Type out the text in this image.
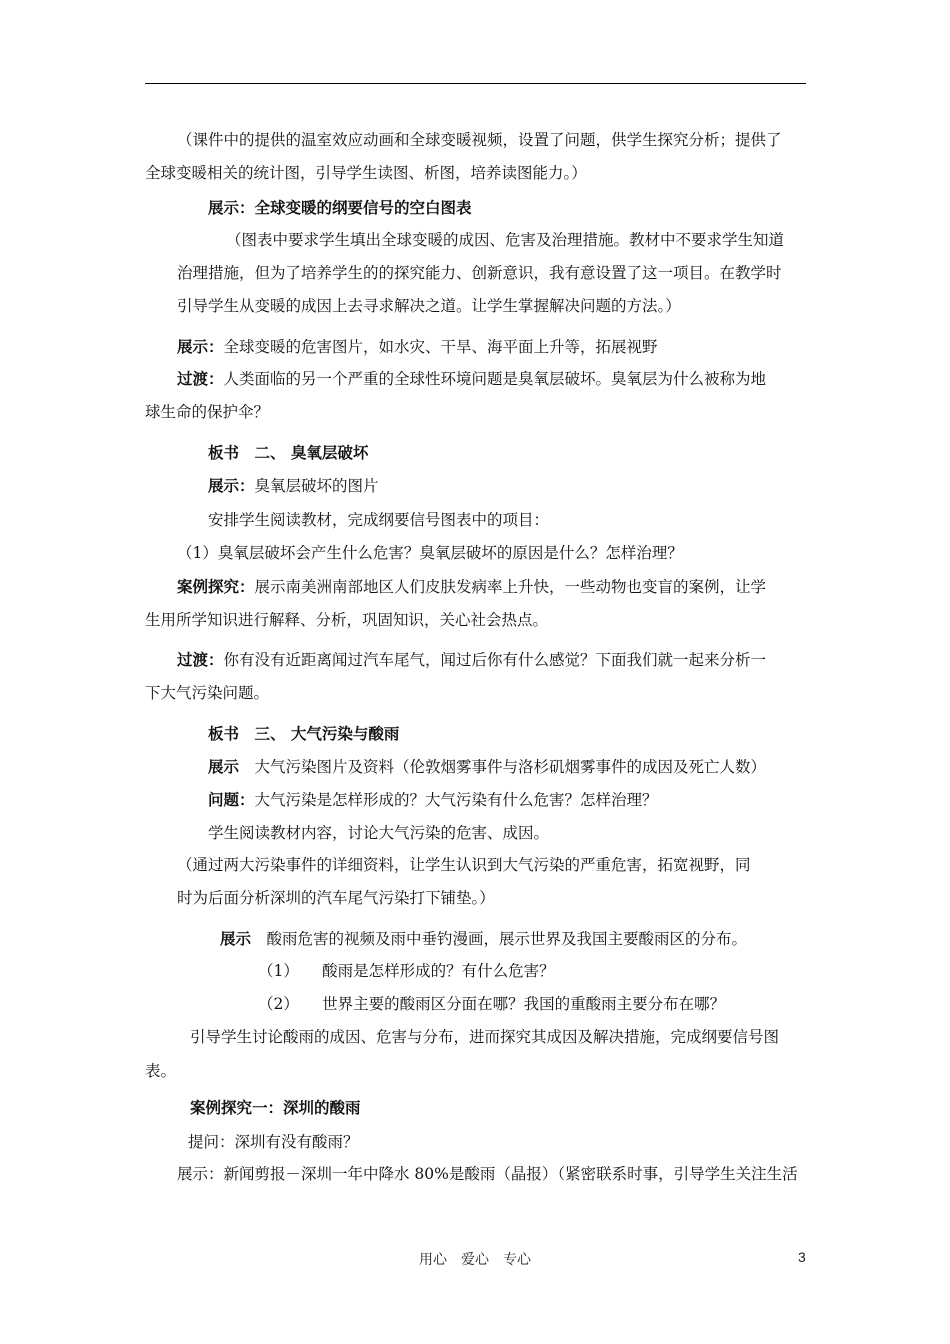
（课件中的提供的温室效应动画和全球变暖视频，设置了问题，供学生探究分析；提供了
全球变暖相关的统计图，引导学生读图、析图，培养读图能力。）
展示：全球变暖的纲要信号的空白图表
（图表中要求学生填出全球变暖的成因、危害及治理措施。教材中不要求学生知道
治理措施，但为了培养学生的的探究能力、创新意识，我有意设置了这一项目。在教学时
引导学生从变暖的成因上去寻求解决之道。让学生掌握解决问题的方法。）
展示：全球变暖的危害图片，如水灾、干旱、海平面上升等，拓展视野
过渡：人类面临的另一个严重的全球性环境问题是臭氧层破坏。臭氧层为什么被称为地
球生命的保护伞？
板书　二、 臭氧层破坏
展示：臭氧层破坏的图片
安排学生阅读教材，完成纲要信号图表中的项目：
（1）臭氧层破坏会产生什么危害？臭氧层破坏的原因是什么？怎样治理？
案例探究：展示南美洲南部地区人们皮肤发病率上升快，一些动物也变盲的案例，让学
生用所学知识进行解释、分析，巩固知识，关心社会热点。
过渡：你有没有近距离闻过汽车尾气，闻过后你有什么感觉？下面我们就一起来分析一
下大气污染问题。
板书　三、 大气污染与酸雨
展示　大气污染图片及资料（伦敦烟雾事件与洛杉矶烟雾事件的成因及死亡人数）
问题：大气污染是怎样形成的？大气污染有什么危害？怎样治理？
学生阅读教材内容，讨论大气污染的危害、成因。
（通过两大污染事件的详细资料，让学生认识到大气污染的严重危害，拓宽视野，同
时为后面分析深圳的汽车尾气污染打下铺垫。）
展示　酸雨危害的视频及雨中垂钓漫画，展示世界及我国主要酸雨区的分布。
（1）　　酸雨是怎样形成的？有什么危害？
（2）　　世界主要的酸雨区分面在哪？我国的重酸雨主要分布在哪？
引导学生讨论酸雨的成因、危害与分布，进而探究其成因及解决措施，完成纲要信号图
表。
案例探究一：深圳的酸雨
提问：深圳有没有酸雨？
展示：新闻剪报－深圳一年中降水 80%是酸雨（晶报）（紧密联系时事，引导学生关注生活
用心　爱心　专心	3
